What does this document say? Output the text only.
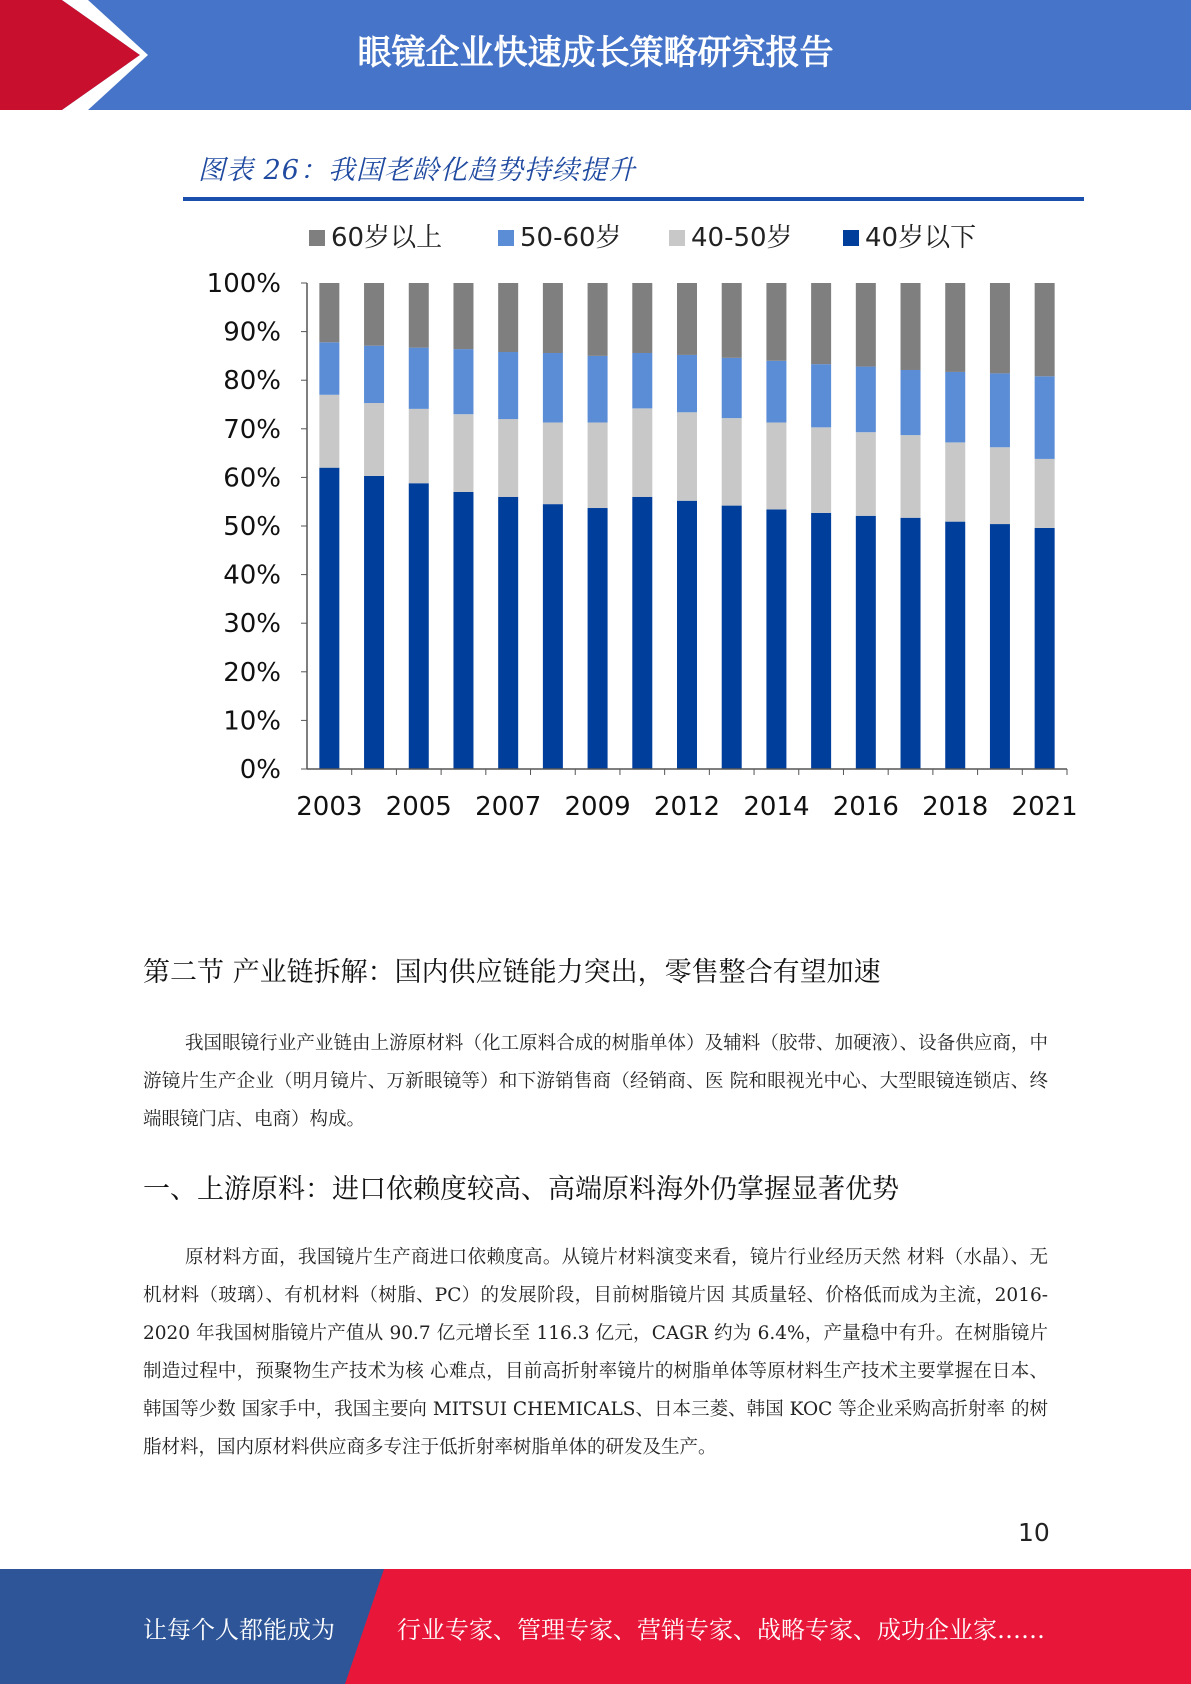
眼镜企业快速成长策略研究报告
图表 26：我国老龄化趋势持续提升
60岁以上	50-60岁	40-50岁	40岁以下
0%
10%
20%
30%
40%
50%
60%
70%
80%
90%
100%
2003 2005 2007 2009 2012 2014 2016 2018 2021
第二节 产业链拆解：国内供应链能力突出，零售整合有望加速
我国眼镜行业产业链由上游原材料（化工原料合成的树脂单体）及辅料（胶带、加硬液）、设备供应商，中游镜片生产企业（明月镜片、万新眼镜等）和下游销售商（经销商、医 院和眼视光中心、大型眼镜连锁店、终端眼镜门店、电商）构成。
一、上游原料：进口依赖度较高、高端原料海外仍掌握显著优势
原材料方面，我国镜片生产商进口依赖度高。从镜片材料演变来看，镜片行业经历天然 材料（水晶）、无机材料（玻璃）、有机材料（树脂、PC）的发展阶段，目前树脂镜片因 其质量轻、价格低而成为主流，2016-2020 年我国树脂镜片产值从 90.7 亿元增长至 116.3 亿元，CAGR 约为 6.4%，产量稳中有升。在树脂镜片制造过程中，预聚物生产技术为核 心难点，目前高折射率镜片的树脂单体等原材料生产技术主要掌握在日本、韩国等少数 国家手中，我国主要向 MITSUI CHEMICALS、日本三菱、韩国 KOC 等企业采购高折射率 的树脂材料，国内原材料供应商多专注于低折射率树脂单体的研发及生产。
10
让每个人都能成为	行业专家、管理专家、营销专家、战略专家、成功企业家……
